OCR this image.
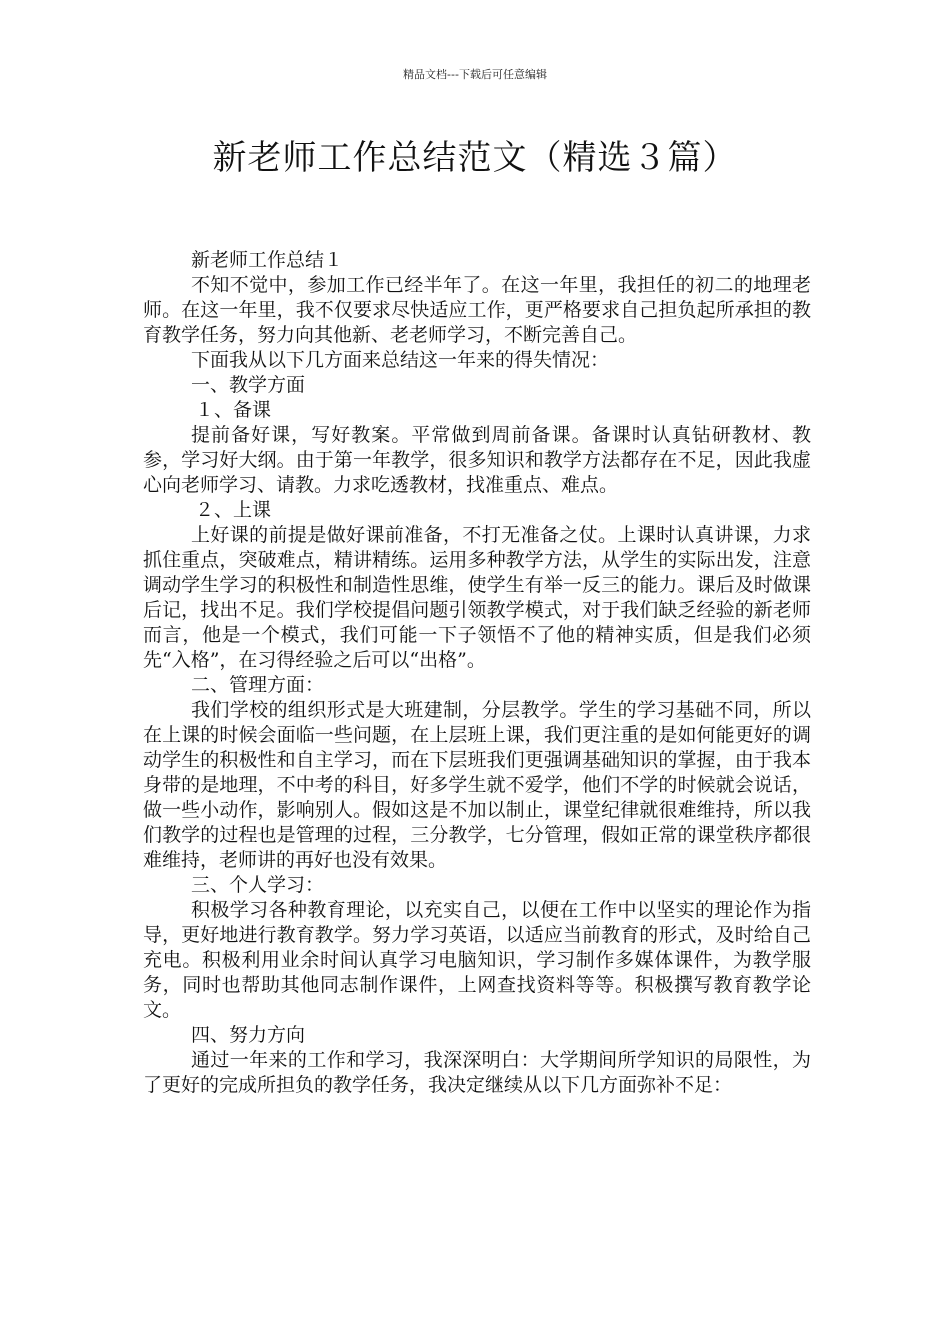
精品文档---下载后可任意编辑
新老师工作总结范文（精选３篇）

新老师工作总结１

不知不觉中，参加工作已经半年了。在这一年里，我担任的初二的地理老师。在这一年里，我不仅要求尽快适应工作，更严格要求自己担负起所承担的教育教学任务，努力向其他新、老老师学习，不断完善自己。

下面我从以下几方面来总结这一年来的得失情况：

一、教学方面

１、备课

提前备好课，写好教案。平常做到周前备课。备课时认真钻研教材、教参，学习好大纲。由于第一年教学，很多知识和教学方法都存在不足，因此我虚心向老师学习、请教。力求吃透教材，找准重点、难点。

２、上课

上好课的前提是做好课前准备，不打无准备之仗。上课时认真讲课，力求抓住重点，突破难点，精讲精练。运用多种教学方法，从学生的实际出发，注意调动学生学习的积极性和制造性思维，使学生有举一反三的能力。课后及时做课后记，找出不足。我们学校提倡问题引领教学模式，对于我们缺乏经验的新老师而言，他是一个模式，我们可能一下子领悟不了他的精神实质，但是我们必须先“入格”，在习得经验之后可以“出格”。

二、管理方面：

我们学校的组织形式是大班建制，分层教学。学生的学习基础不同，所以在上课的时候会面临一些问题，在上层班上课，我们更注重的是如何能更好的调动学生的积极性和自主学习，而在下层班我们更强调基础知识的掌握，由于我本身带的是地理，不中考的科目，好多学生就不爱学，他们不学的时候就会说话，做一些小动作，影响别人。假如这是不加以制止，课堂纪律就很难维持，所以我们教学的过程也是管理的过程，三分教学，七分管理，假如正常的课堂秩序都很难维持，老师讲的再好也没有效果。

三、个人学习：

积极学习各种教育理论，以充实自己，以便在工作中以坚实的理论作为指导，更好地进行教育教学。努力学习英语，以适应当前教育的形式，及时给自己充电。积极利用业余时间认真学习电脑知识，学习制作多媒体课件，为教学服务，同时也帮助其他同志制作课件，上网查找资料等等。积极撰写教育教学论文。

四、努力方向

通过一年来的工作和学习，我深深明白：大学期间所学知识的局限性，为了更好的完成所担负的教学任务，我决定继续从以下几方面弥补不足：
